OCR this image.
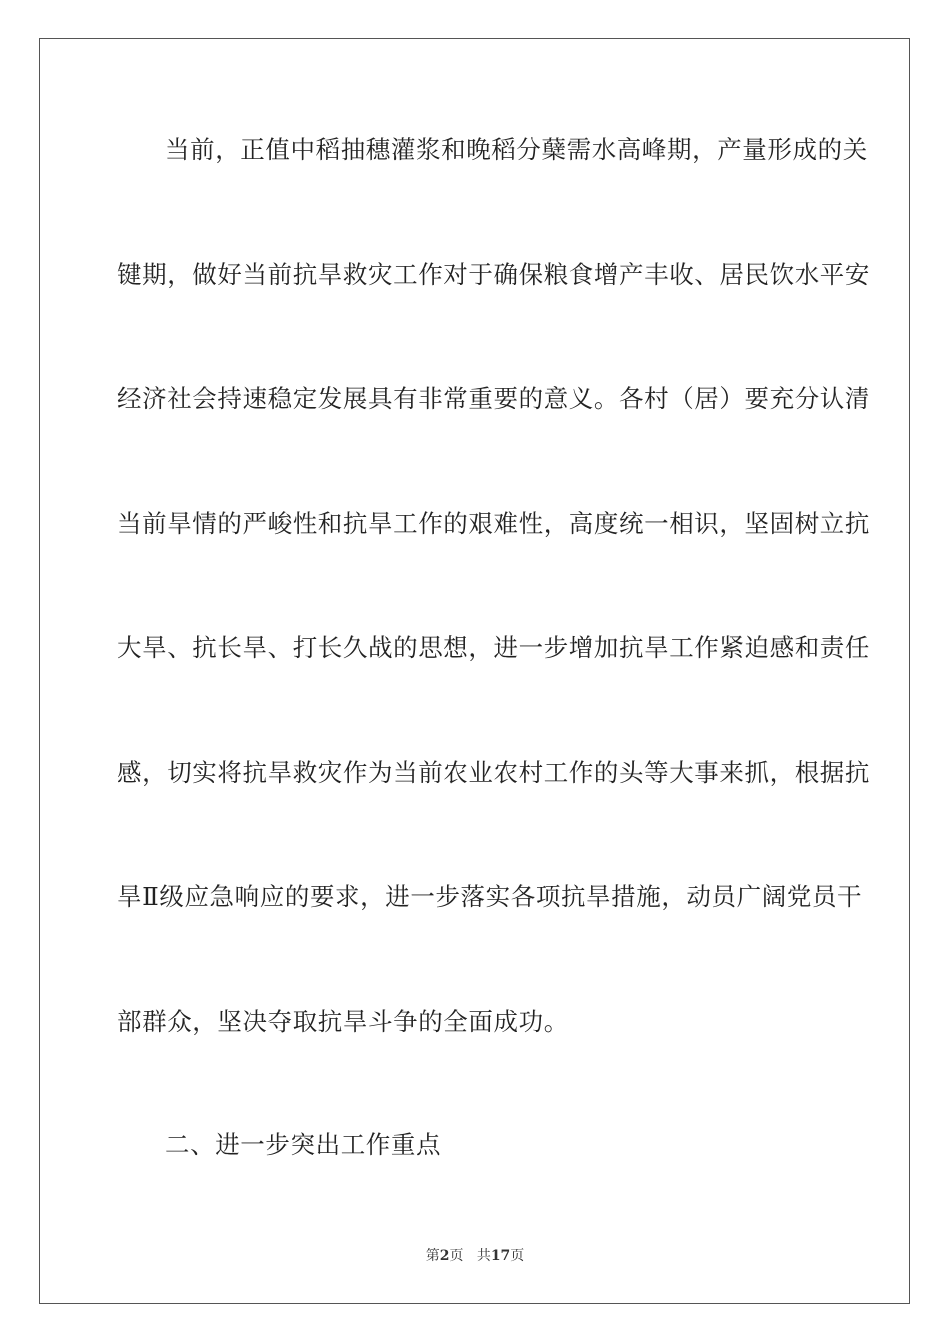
当前，正值中稻抽穗灌浆和晚稻分蘖需水高峰期，产量形成的关
键期，做好当前抗旱救灾工作对于确保粮食增产丰收、居民饮水平安
经济社会持速稳定发展具有非常重要的意义。各村（居）要充分认清
当前旱情的严峻性和抗旱工作的艰难性，高度统一相识，坚固树立抗
大旱、抗长旱、打长久战的思想，进一步增加抗旱工作紧迫感和责任
感，切实将抗旱救灾作为当前农业农村工作的头等大事来抓，根据抗
旱Ⅱ级应急响应的要求，进一步落实各项抗旱措施，动员广阔党员干
部群众，坚决夺取抗旱斗争的全面成功。
二、进一步突出工作重点
第2页 共17页
